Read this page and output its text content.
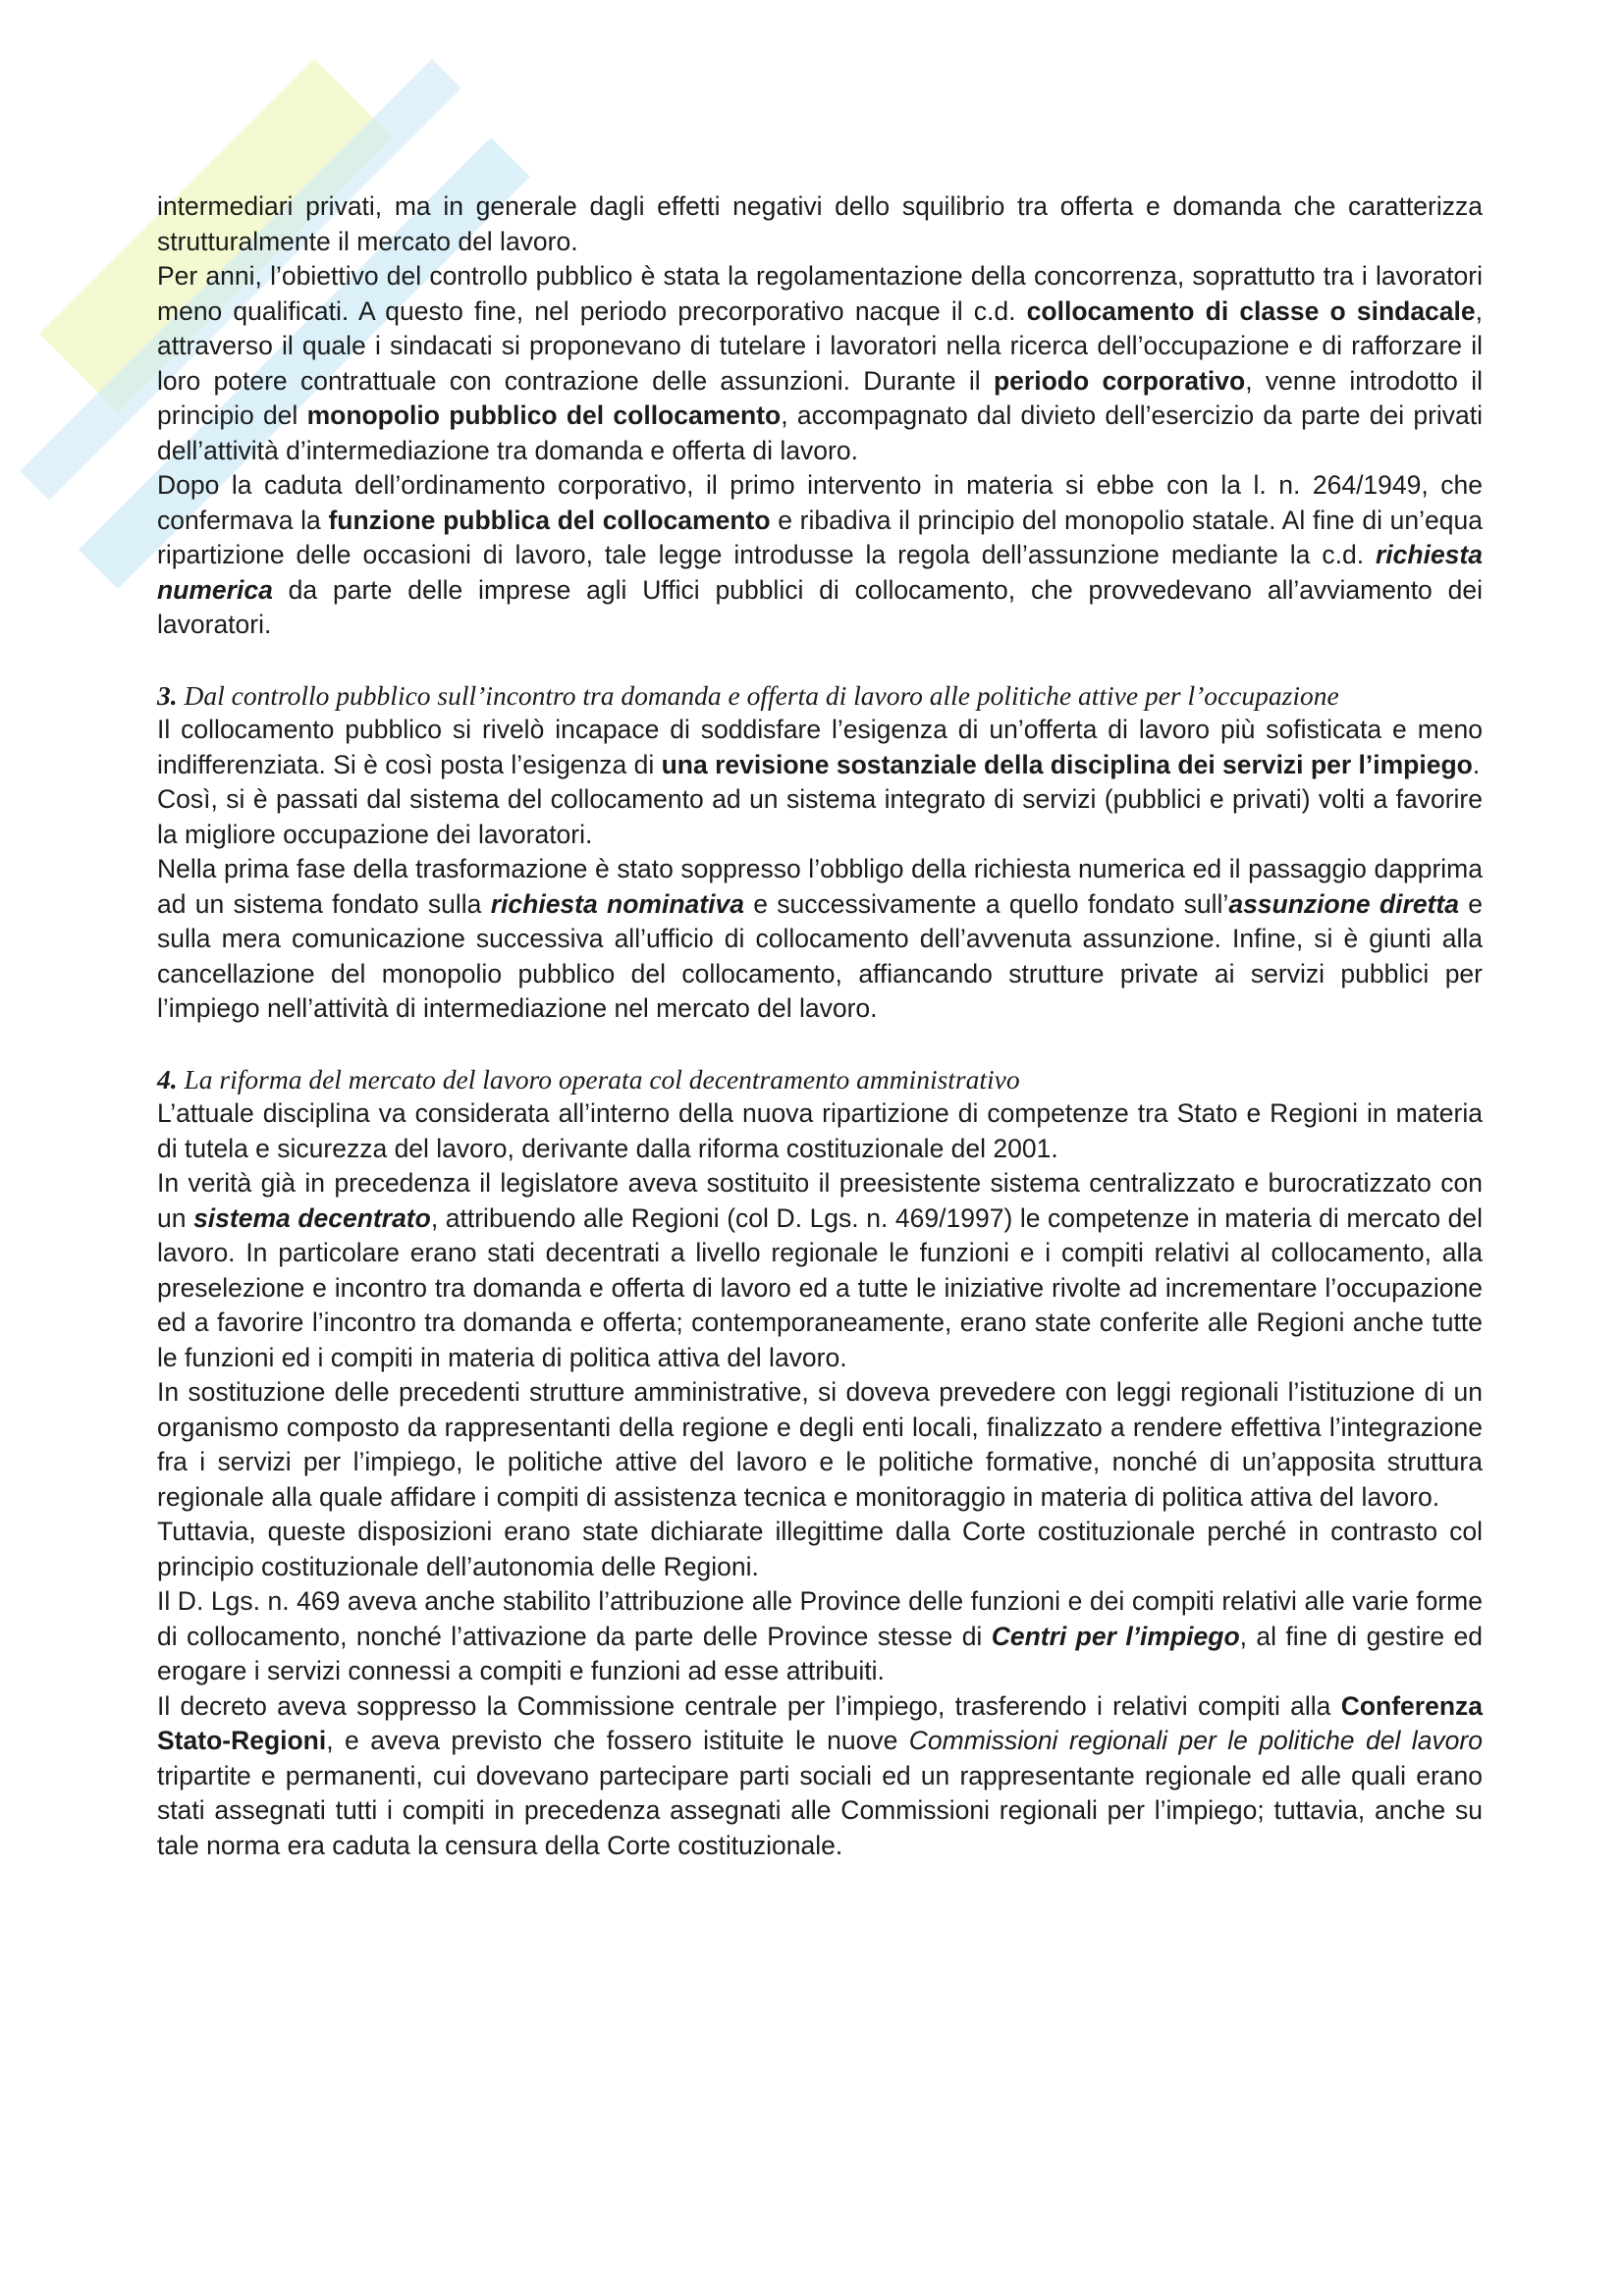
intermediari privati, ma in generale dagli effetti negativi dello squilibrio tra offerta e domanda che caratterizza strutturalmente il mercato del lavoro.

Per anni, l’obiettivo del controllo pubblico è stata la regolamentazione della concorrenza, soprattutto tra i lavoratori meno qualificati. A questo fine, nel periodo precorporativo nacque il c.d. collocamento di classe o sindacale, attraverso il quale i sindacati si proponevano di tutelare i lavoratori nella ricerca dell’occupazione e di rafforzare il loro potere contrattuale con contrazione delle assunzioni. Durante il periodo corporativo, venne introdotto il principio del monopolio pubblico del collocamento, accompagnato dal divieto dell’esercizio da parte dei privati dell’attività d’intermediazione tra domanda e offerta di lavoro.

Dopo la caduta dell’ordinamento corporativo, il primo intervento in materia si ebbe con la l. n. 264/1949, che confermava la funzione pubblica del collocamento e ribadiva il principio del monopolio statale. Al fine di un’equa ripartizione delle occasioni di lavoro, tale legge introdusse la regola dell’assunzione mediante la c.d. richiesta numerica da parte delle imprese agli Uffici pubblici di collocamento, che provvedevano all’avviamento dei lavoratori.

3. Dal controllo pubblico sull’incontro tra domanda e offerta di lavoro alle politiche attive per l’occupazione

Il collocamento pubblico si rivelò incapace di soddisfare l’esigenza di un’offerta di lavoro più sofisticata e meno indifferenziata. Si è così posta l’esigenza di una revisione sostanziale della disciplina dei servizi per l’impiego.

Così, si è passati dal sistema del collocamento ad un sistema integrato di servizi (pubblici e privati) volti a favorire la migliore occupazione dei lavoratori.

Nella prima fase della trasformazione è stato soppresso l’obbligo della richiesta numerica ed il passaggio dapprima ad un sistema fondato sulla richiesta nominativa e successivamente a quello fondato sull’assunzione diretta e sulla mera comunicazione successiva all’ufficio di collocamento dell’avvenuta assunzione. Infine, si è giunti alla cancellazione del monopolio pubblico del collocamento, affiancando strutture private ai servizi pubblici per l’impiego nell’attività di intermediazione nel mercato del lavoro.

4. La riforma del mercato del lavoro operata col decentramento amministrativo

L’attuale disciplina va considerata all’interno della nuova ripartizione di competenze tra Stato e Regioni in materia di tutela e sicurezza del lavoro, derivante dalla riforma costituzionale del 2001.

In verità già in precedenza il legislatore aveva sostituito il preesistente sistema centralizzato e burocratizzato con un sistema decentrato, attribuendo alle Regioni (col D. Lgs. n. 469/1997) le competenze in materia di mercato del lavoro. In particolare erano stati decentrati a livello regionale le funzioni e i compiti relativi al collocamento, alla preselezione e incontro tra domanda e offerta di lavoro ed a tutte le iniziative rivolte ad incrementare l’occupazione ed a favorire l’incontro tra domanda e offerta; contemporaneamente, erano state conferite alle Regioni anche tutte le funzioni ed i compiti in materia di politica attiva del lavoro.

In sostituzione delle precedenti strutture amministrative, si doveva prevedere con leggi regionali l’istituzione di un organismo composto da rappresentanti della regione e degli enti locali, finalizzato a rendere effettiva l’integrazione fra i servizi per l’impiego, le politiche attive del lavoro e le politiche formative, nonché di un’apposita struttura regionale alla quale affidare i compiti di assistenza tecnica e monitoraggio in materia di politica attiva del lavoro.

Tuttavia, queste disposizioni erano state dichiarate illegittime dalla Corte costituzionale perché in contrasto col principio costituzionale dell’autonomia delle Regioni.

Il D. Lgs. n. 469 aveva anche stabilito l’attribuzione alle Province delle funzioni e dei compiti relativi alle varie forme di collocamento, nonché l’attivazione da parte delle Province stesse di Centri per l’impiego, al fine di gestire ed erogare i servizi connessi a compiti e funzioni ad esse attribuiti.

Il decreto aveva soppresso la Commissione centrale per l’impiego, trasferendo i relativi compiti alla Conferenza Stato-Regioni, e aveva previsto che fossero istituite le nuove Commissioni regionali per le politiche del lavoro tripartite e permanenti, cui dovevano partecipare parti sociali ed un rappresentante regionale ed alle quali erano stati assegnati tutti i compiti in precedenza assegnati alle Commissioni regionali per l’impiego; tuttavia, anche su tale norma era caduta la censura della Corte costituzionale.
